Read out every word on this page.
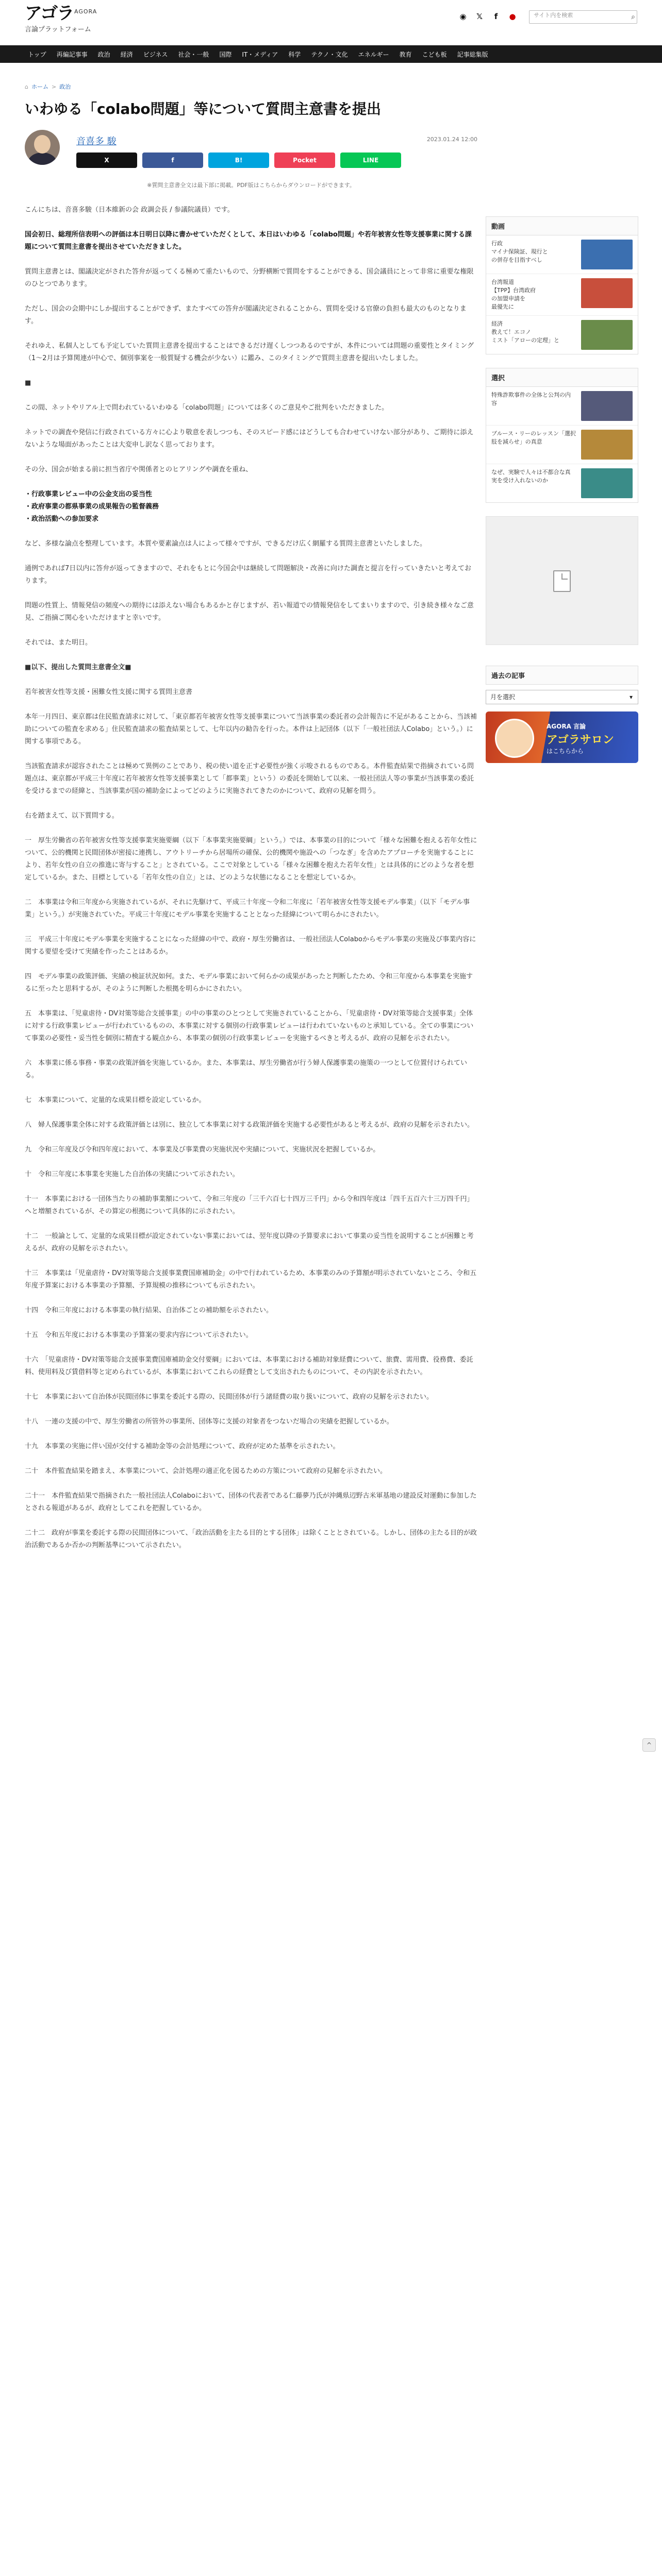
アゴラ AGORA
言論プラットフォーム
◉ 𝕏	f	●	サイト内を検索	⌕
トップ	再編記事事	政治	経済	ビジネス	社会・一般	国際	IT・メディア	科学	テクノ・文化	エネルギー	教育	こども板	記事総集版
⌂ ホーム > 政治
いわゆる「colabo問題」等について質問主意書を提出
音喜多 駿	2023.01.24 12:00
X	f	B!	Pocket	LINE
※質問主意書全文は最下部に掲載。PDF版はこちらからダウンロードができます。

こんにちは、音喜多駿（日本維新の会 政調会長 / 参議院議員）です。

国会初日、総理所信表明への評価は本日明日以降に書かせていただくとして、本日はいわゆる「colabo問題」や若年被害女性等支援事業に関する課題について質問主意書を提出させていただきました。

質問主意書とは、閣議決定がされた答弁が返ってくる極めて重たいもので、分野横断で質問をすることができる、国会議員にとって非常に重要な権限のひとつであります。

ただし、国会の会期中にしか提出することができず、またすべての答弁が閣議決定されることから、質問を受ける官僚の負担も最大のものとなります。

それゆえ、私個人としても予定していた質問主意書を提出することはできるだけ遅くしつつあるのですが、本件については問題の重要性とタイミング（1〜2月は予算関連が中心で、個別事案を一般質疑する機会が少ない）に鑑み、このタイミングで質問主意書を提出いたしました。

■

この間、ネットやリアル上で問われているいわゆる「colabo問題」については多くのご意見やご批判をいただきました。

ネットでの調査や発信に行政されている方々に心より敬意を表しつつも、そのスピード感にはどうしても合わせていけない部分があり、ご期待に添えないような場面があったことは大変申し訳なく思っております。

その分、国会が始まる前に担当省庁や関係者とのヒアリングや調査を重ね、

・行政事業レビュー中の公金支出の妥当性
・政府事業の都県事業の成果報告の監督義務
・政治活動への参加要求

など、多様な論点を整理しています。本質や要素論点は人によって様々ですが、できるだけ広く網羅する質問主意書といたしました。

通例であれば7日以内に答弁が返ってきますので、それをもとに今国会中は継続して問題解決・改善に向けた調査と提言を行っていきたいと考えております。

問題の性質上、情報発信の頻度への期待には添えない場合もあるかと存じますが、若い報道での情報発信をしてまいりますので、引き続き様々なご意見、ご指摘ご関心をいただけますと幸いです。

それでは、また明日。

■以下、提出した質問主意書全文■

若年被害女性等支援・困難女性支援に関する質問主意書

本年一月四日、東京都は住民監査請求に対して、「東京都若年被害女性等支援事業について当該事業の委託者の会計報告に不足があることから、当該補助についての監査を求める」住民監査請求の監査結果として、七年以内の勧告を行った。本件は上記団体（以下「一般社団法人Colabo」という。）に関する事項である。

当該監査請求が認容されたことは極めて異例のことであり、税の使い道を正す必要性が強く示唆されるものである。本件監査結果で指摘されている問題点は、東京都が平成三十年度に若年被害女性等支援事業として「都事業」という）の委託を開始して以来、一般社団法人等の事業が当該事業の委託を受けるまでの経緯と、当該事業が国の補助金によってどのように実施されてきたのかについて、政府の見解を問う。

右を踏まえて、以下質問する。

一　厚生労働省の若年被害女性等支援事業実施要綱（以下「本事業実施要綱」という。）では、本事業の目的について「様々な困難を抱える若年女性について、公的機関と民間団体が密接に連携し、アウトリーチから居場所の確保、公的機関や施設への「つなぎ」を含めたアプローチを実施することにより、若年女性の自立の推進に寄与すること」とされている。ここで対象としている「様々な困難を抱えた若年女性」とは具体的にどのような者を想定しているか。また、目標としている「若年女性の自立」とは、どのような状態になることを想定しているか。

二　本事業は令和三年度から実施されているが、それに先駆けて、平成三十年度～令和二年度に「若年被害女性等支援モデル事業」（以下「モデル事業」という。）が実施されていた。平成三十年度にモデル事業を実施することとなった経緯について明らかにされたい。

三　平成三十年度にモデル事業を実施することになった経緯の中で、政府・厚生労働省は、一般社団法人Colaboからモデル事業の実施及び事業内容に関する要望を受けて実績を作ったことはあるか。

四　モデル事業の政策評価、実績の検証状況如何。また、モデル事業において何らかの成果があったと判断したため、令和三年度から本事業を実施するに至ったと思料するが、そのように判断した根拠を明らかにされたい。

五　本事業は、「児童虐待・DV対策等総合支援事業」の中の事業のひとつとして実施されていることから、「児童虐待・DV対策等総合支援事業」全体に対する行政事業レビューが行われているものの、本事業に対する個別の行政事業レビューは行われていないものと承知している。全ての事業について事業の必要性・妥当性を個別に精査する観点から、本事業の個別の行政事業レビューを実施するべきと考えるが、政府の見解を示されたい。

六　本事業に係る事務・事業の政策評価を実施しているか。また、本事業は、厚生労働省が行う婦人保護事業の施策の一つとして位置付けられている。

七　本事業について、定量的な成果目標を設定しているか。

八　婦人保護事業全体に対する政策評価とは別に、独立して本事業に対する政策評価を実施する必要性があると考えるが、政府の見解を示されたい。

九　令和三年度及び令和四年度において、本事業及び事業費の実施状況や実績について、実施状況を把握しているか。

十　令和三年度に本事業を実施した自治体の実績について示されたい。

十一　本事業における一団体当たりの補助事業額について、令和三年度の「三千六百七十四万三千円」から令和四年度は「四千五百六十三万四千円」へと増額されているが、その算定の根拠について具体的に示されたい。

十二　一般論として、定量的な成果目標が設定されていない事業においては、翌年度以降の予算要求において事業の妥当性を説明することが困難と考えるが、政府の見解を示されたい。

十三　本事業は「児童虐待・DV対策等総合支援事業費国庫補助金」の中で行われているため、本事業のみの予算額が明示されていないところ、令和五年度予算案における本事業の予算額、予算規模の推移についても示されたい。

十四　令和三年度における本事業の執行結果、自治体ごとの補助額を示されたい。

十五　令和五年度における本事業の予算案の要求内容について示されたい。

十六　「児童虐待・DV対策等総合支援事業費国庫補助金交付要綱」においては、本事業における補助対象経費について、旅費、需用費、役務費、委託料、使用料及び賃借料等と定められているが、本事業においてこれらの経費として支出されたものについて、その内訳を示されたい。

十七　本事業において自治体が民間団体に事業を委託する際の、民間団体が行う諸経費の取り扱いについて、政府の見解を示されたい。

十八　一連の支援の中で、厚生労働省の所管外の事業所、団体等に支援の対象者をつないだ場合の実績を把握しているか。

十九　本事業の実施に伴い国が交付する補助金等の会計処理について、政府が定めた基準を示されたい。

二十　本件監査結果を踏まえ、本事業について、会計処理の適正化を図るための方策について政府の見解を示されたい。

二十一　本件監査結果で指摘された一般社団法人Colaboにおいて、団体の代表者である仁藤夢乃氏が沖縄県辺野古米軍基地の建設反対運動に参加したとされる報道があるが、政府としてこれを把握しているか。

二十二　政府が事業を委託する際の民間団体について、「政治活動を主たる目的とする団体」は除くこととされている。しかし、団体の主たる目的が政治活動であるか否かの判断基準について示されたい。

動画
行政
マイナ保険証、現行と
の併存を目指すべし
台湾報道
【TPP】台湾政府
の加盟申請を
最優先に
経済
教えて！エコノ
ミスト「アローの定理」と
選択
特殊詐欺事件の全体と公判の内容
ブルース・リーのレッスン「選択肢を減らせ」の真意
なぜ、実験で人々は不都合な真実を受け入れないのか
過去の記事
月を選択	▾
AGORA 言論
アゴラサロン
はこちらから
^
